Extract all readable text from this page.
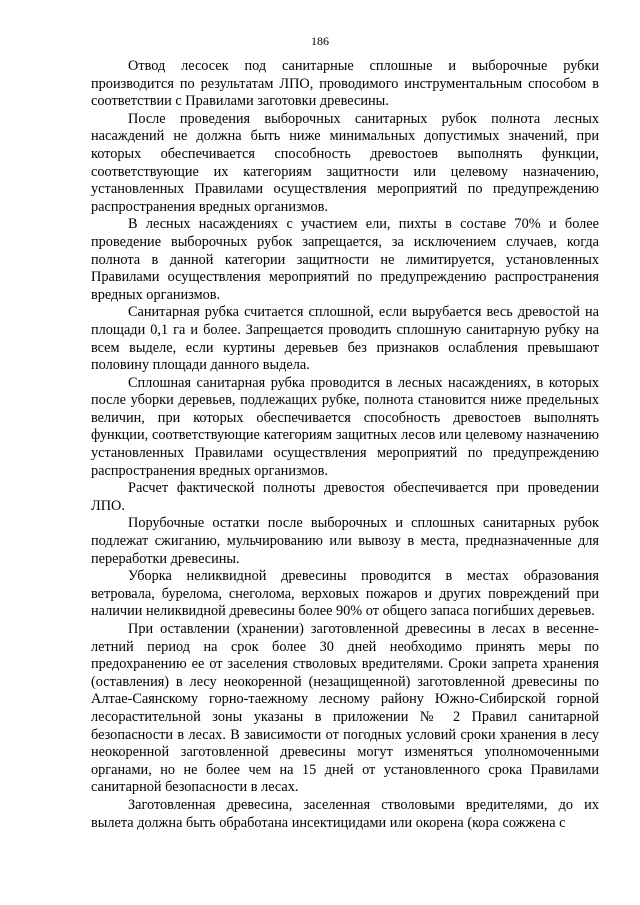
186

Отвод лесосек под санитарные сплошные и выборочные рубки производится по результатам ЛПО, проводимого инструментальным способом в соответствии с Правилами заготовки древесины.

После проведения выборочных санитарных рубок полнота лесных насаждений не должна быть ниже минимальных допустимых значений, при которых обеспечивается способность древостоев выполнять функции, соответствующие их категориям защитности или целевому назначению, установленных Правилами осуществления мероприятий по предупреждению распространения вредных организмов.

В лесных насаждениях с участием ели, пихты в составе 70% и более проведение выборочных рубок запрещается, за исключением случаев, когда полнота в данной категории защитности не лимитируется, установленных Правилами осуществления мероприятий по предупреждению распространения вредных организмов.

Санитарная рубка считается сплошной, если вырубается весь древостой на площади 0,1 га и более. Запрещается проводить сплошную санитарную рубку на всем выделе, если куртины деревьев без признаков ослабления превышают половину площади данного выдела.

Сплошная санитарная рубка проводится в лесных насаждениях, в которых после уборки деревьев, подлежащих рубке, полнота становится ниже предельных величин, при которых обеспечивается способность древостоев выполнять функции, соответствующие категориям защитных лесов или целевому назначению установленных Правилами осуществления мероприятий по предупреждению распространения вредных организмов.

Расчет фактической полноты древостоя обеспечивается при проведении ЛПО.

Порубочные остатки после выборочных и сплошных санитарных рубок подлежат сжиганию, мульчированию или вывозу в места, предназначенные для переработки древесины.

Уборка неликвидной древесины проводится в местах образования ветровала, бурелома, снеголома, верховых пожаров и других повреждений при наличии неликвидной древесины более 90% от общего запаса погибших деревьев.

При оставлении (хранении) заготовленной древесины в лесах в весенне-летний период на срок более 30 дней необходимо принять меры по предохранению ее от заселения стволовых вредителями. Сроки запрета хранения (оставления) в лесу неокоренной (незащищенной) заготовленной древесины по Алтае-Саянскому горно-таежному лесному району Южно-Сибирской горной лесорастительной зоны указаны в приложении № 2 Правил санитарной безопасности в лесах. В зависимости от погодных условий сроки хранения в лесу неокоренной заготовленной древесины могут изменяться уполномоченными органами, но не более чем на 15 дней от установленного срока Правилами санитарной безопасности в лесах.

Заготовленная древесина, заселенная стволовыми вредителями, до их вылета должна быть обработана инсектицидами или окорена (кора сожжена с
